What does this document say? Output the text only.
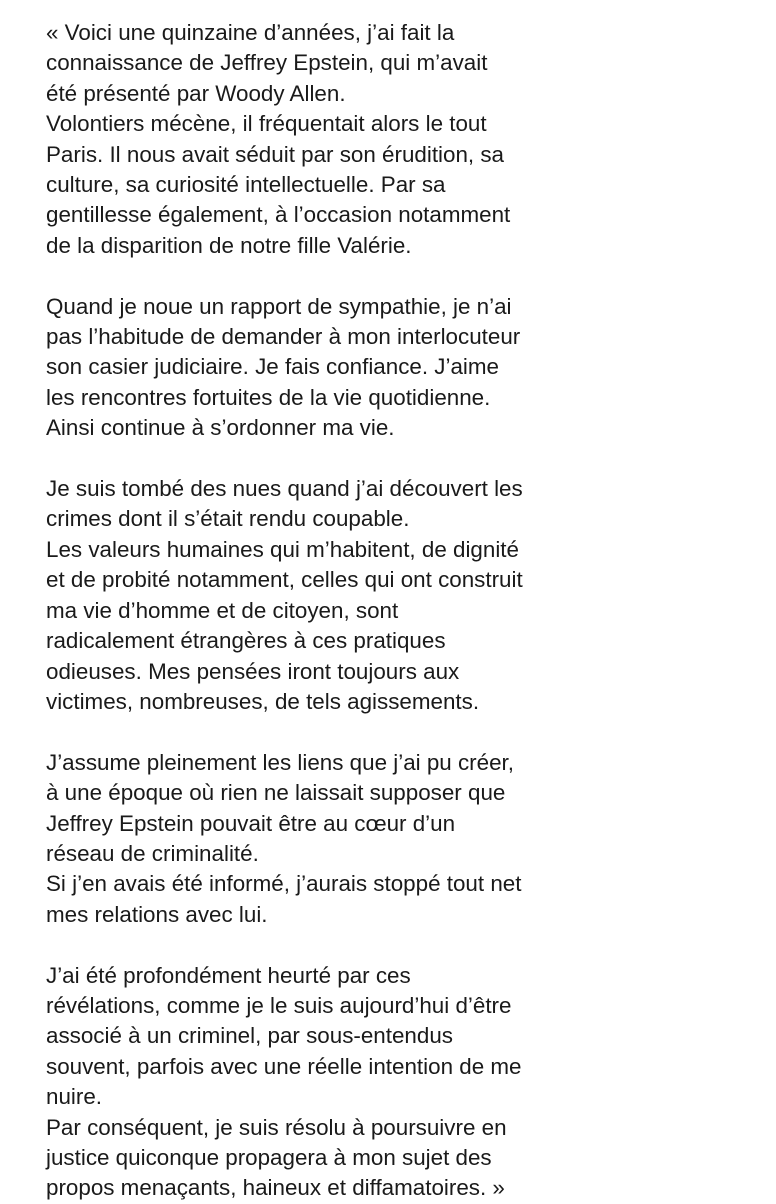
« Voici une quinzaine d’années, j’ai fait la
connaissance de Jeffrey Epstein, qui m’avait
été présenté par Woody Allen.
Volontiers mécène, il fréquentait alors le tout
Paris. Il nous avait séduit par son érudition, sa
culture, sa curiosité intellectuelle. Par sa
gentillesse également, à l’occasion notamment
de la disparition de notre fille Valérie.
Quand je noue un rapport de sympathie, je n’ai
pas l’habitude de demander à mon interlocuteur
son casier judiciaire. Je fais confiance. J’aime
les rencontres fortuites de la vie quotidienne.
Ainsi continue à s’ordonner ma vie.
Je suis tombé des nues quand j’ai découvert les
crimes dont il s’était rendu coupable.
Les valeurs humaines qui m’habitent, de dignité
et de probité notamment, celles qui ont construit
ma vie d’homme et de citoyen, sont
radicalement étrangères à ces pratiques
odieuses. Mes pensées iront toujours aux
victimes, nombreuses, de tels agissements.
J’assume pleinement les liens que j’ai pu créer,
à une époque où rien ne laissait supposer que
Jeffrey Epstein pouvait être au cœur d’un
réseau de criminalité.
Si j’en avais été informé, j’aurais stoppé tout net
mes relations avec lui.
J’ai été profondément heurté par ces
révélations, comme je le suis aujourd’hui d’être
associé à un criminel, par sous-entendus
souvent, parfois avec une réelle intention de me
nuire.
Par conséquent, je suis résolu à poursuivre en
justice quiconque propagera à mon sujet des
propos menaçants, haineux et diffamatoires. »
